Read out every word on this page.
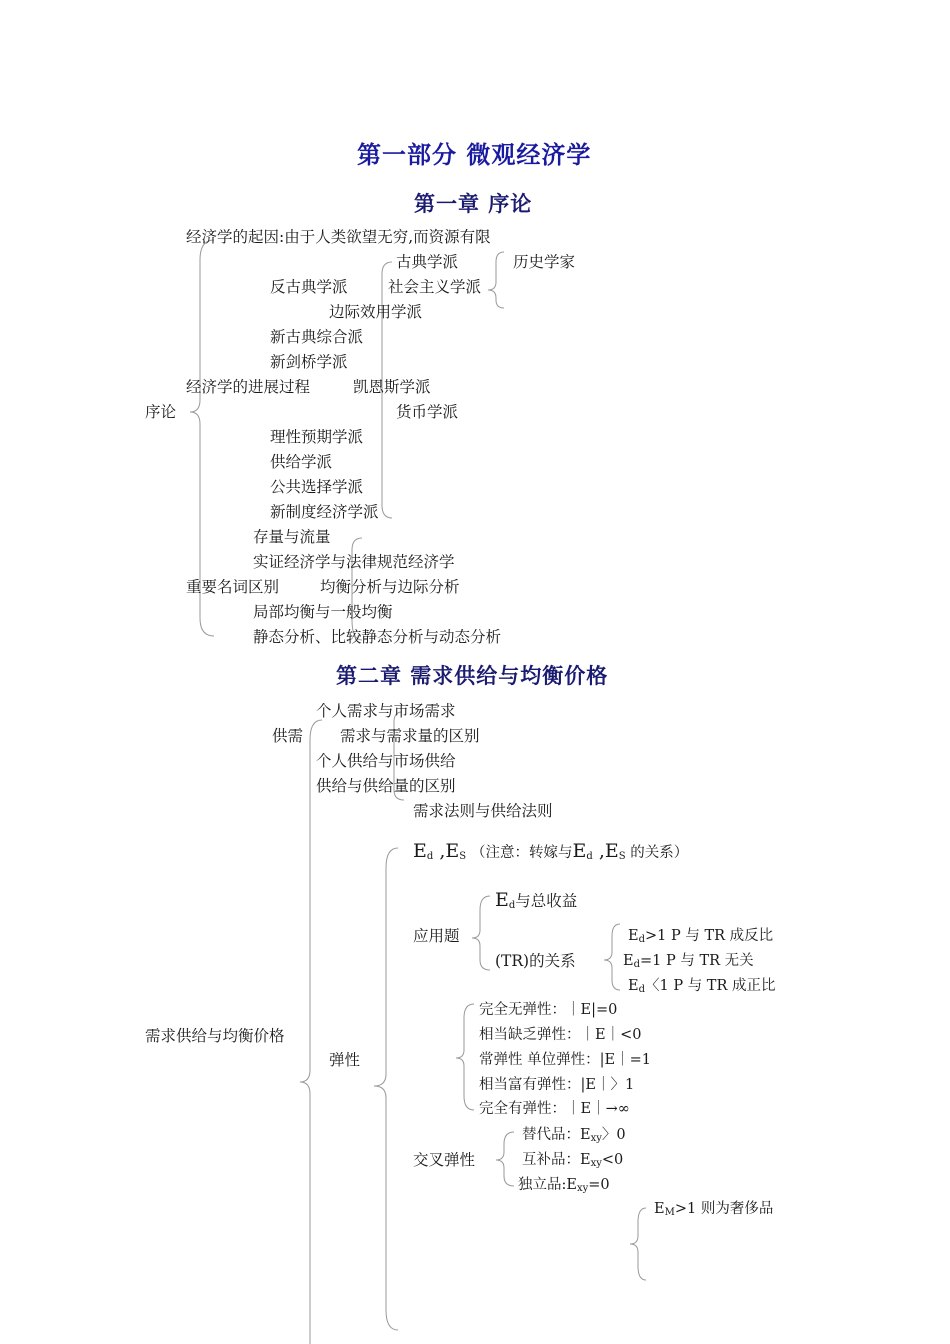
第一部分 微观经济学
第一章 序论
经济学的起因:由于人类欲望无穷,而资源有限
古典学派	历史学家
反古典学派	社会主义学派
边际效用学派
新古典综合派
新剑桥学派
经济学的进展过程	凯恩斯学派
序论	货币学派
理性预期学派
供给学派
公共选择学派
新制度经济学派
存量与流量
实证经济学与法律规范经济学
重要名词区别	均衡分析与边际分析
局部均衡与一般均衡
静态分析、比较静态分析与动态分析
第二章 需求供给与均衡价格
个人需求与市场需求
供需 需求与需求量的区别
个人供给与市场供给
供给与供给量的区别
需求法则与供给法则
$E_d$ $,E_S$ （注意：转嫁与$E_d$ $,E_S$ 的关系）
$E_d$与总收益
应用题	$E_d>1$ P 与 TR 成反比
(TR)的关系	$E_d=1$ P 与 TR 无关
$E_d$〈1 P 与 TR 成正比
完全无弹性：｜E|=0
相当缺乏弹性：｜E｜<0
需求供给与均衡价格
常弹性 单位弹性：|E｜=1
弹性
相当富有弹性：|E｜〉1
完全有弹性：｜E｜→∞
替代品：$E_{xy}$〉0
交叉弹性	互补品：$E_{xy}<0$
独立品$:E_{xy}=0$
$E_M>1$ 则为奢侈品
